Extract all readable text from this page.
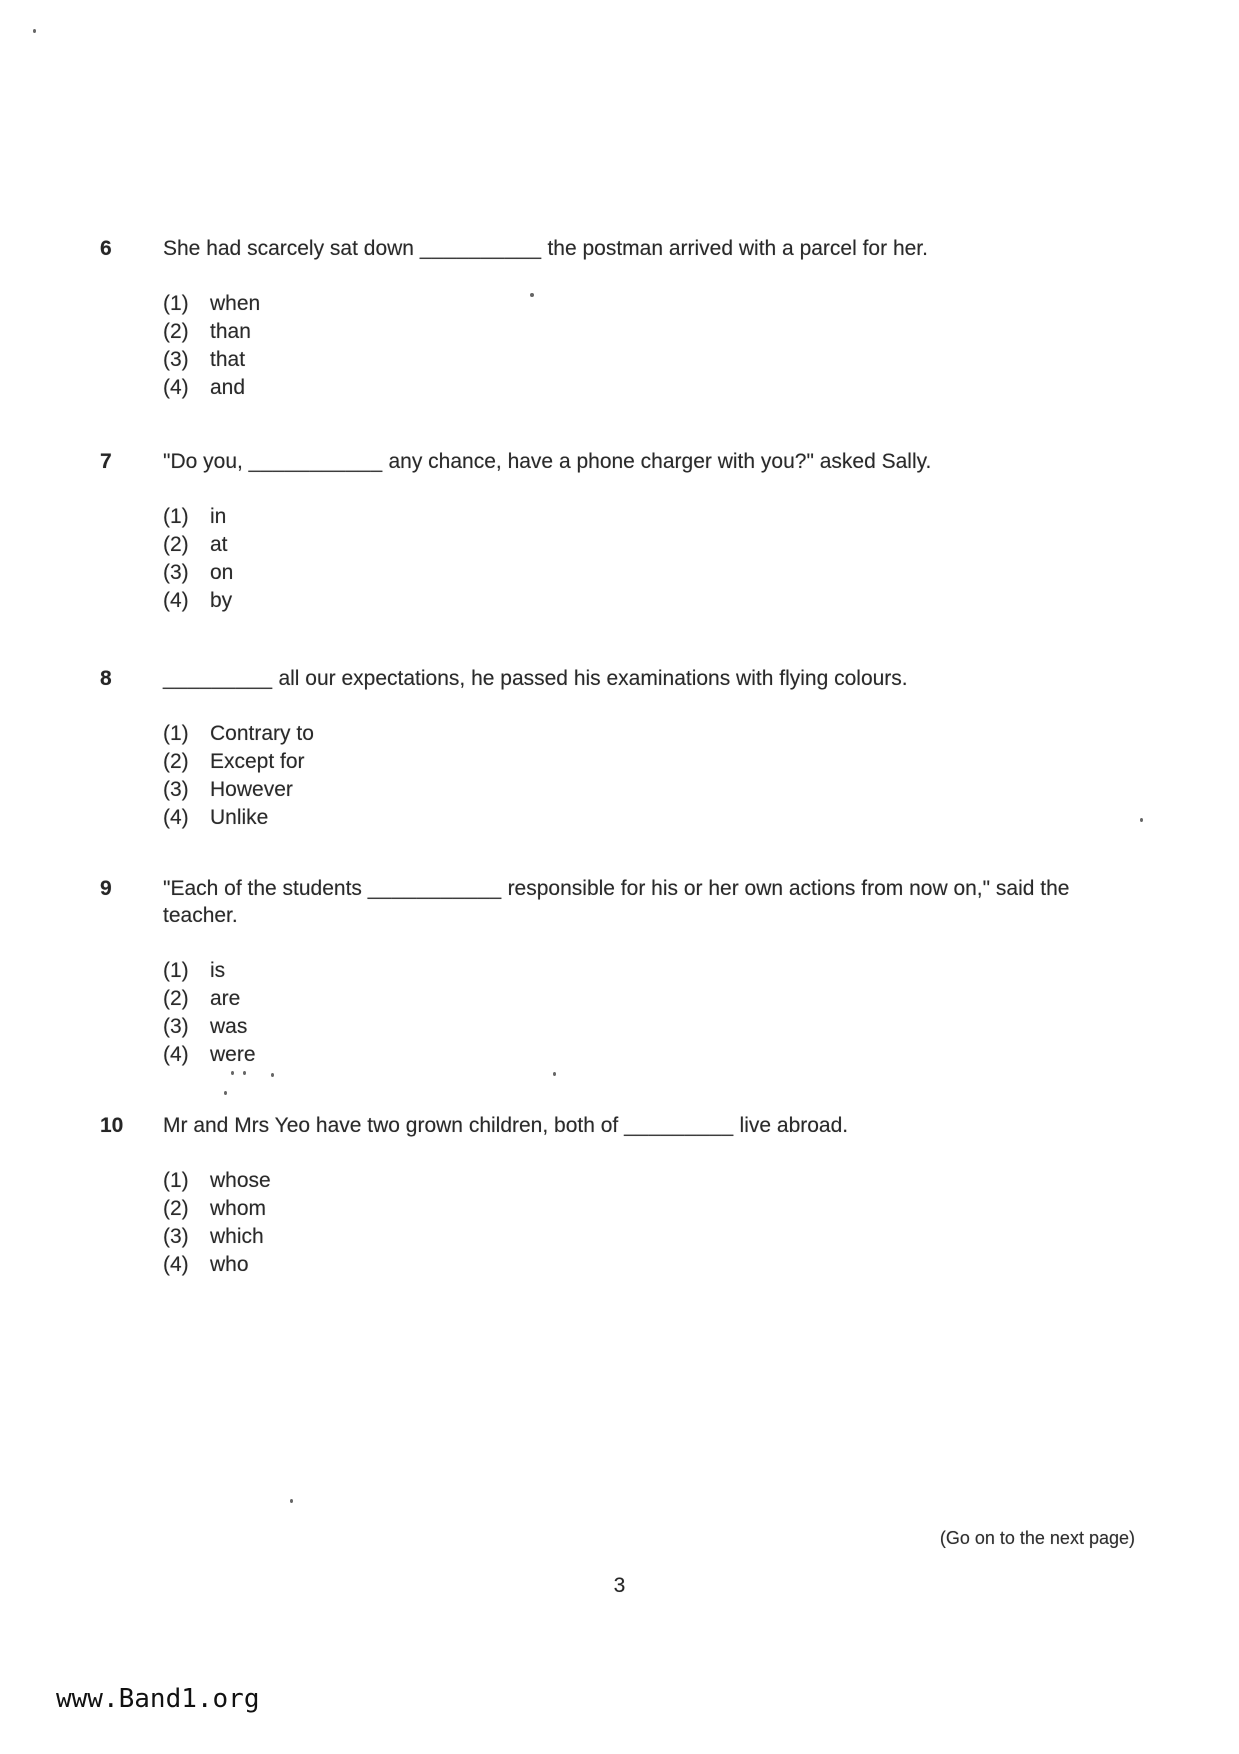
6	She had scarcely sat down __________ the postman arrived with a parcel for her.

(1)	when
(2)	than
(3)	that
(4)	and
7	"Do you, ___________ any chance, have a phone charger with you?" asked Sally.

(1)	in
(2)	at
(3)	on
(4)	by
8	_________ all our expectations, he passed his examinations with flying colours.

(1)	Contrary to
(2)	Except for
(3)	However
(4)	Unlike
9	"Each of the students ___________ responsible for his or her own actions from now on," said the

teacher.

(1)	is
(2)	are
(3)	was
(4)	were
10	Mr and Mrs Yeo have two grown children, both of _________ live abroad.

(1)	whose
(2)	whom
(3)	which
(4)	who
(Go on to the next page)
3
www.Band1.org
